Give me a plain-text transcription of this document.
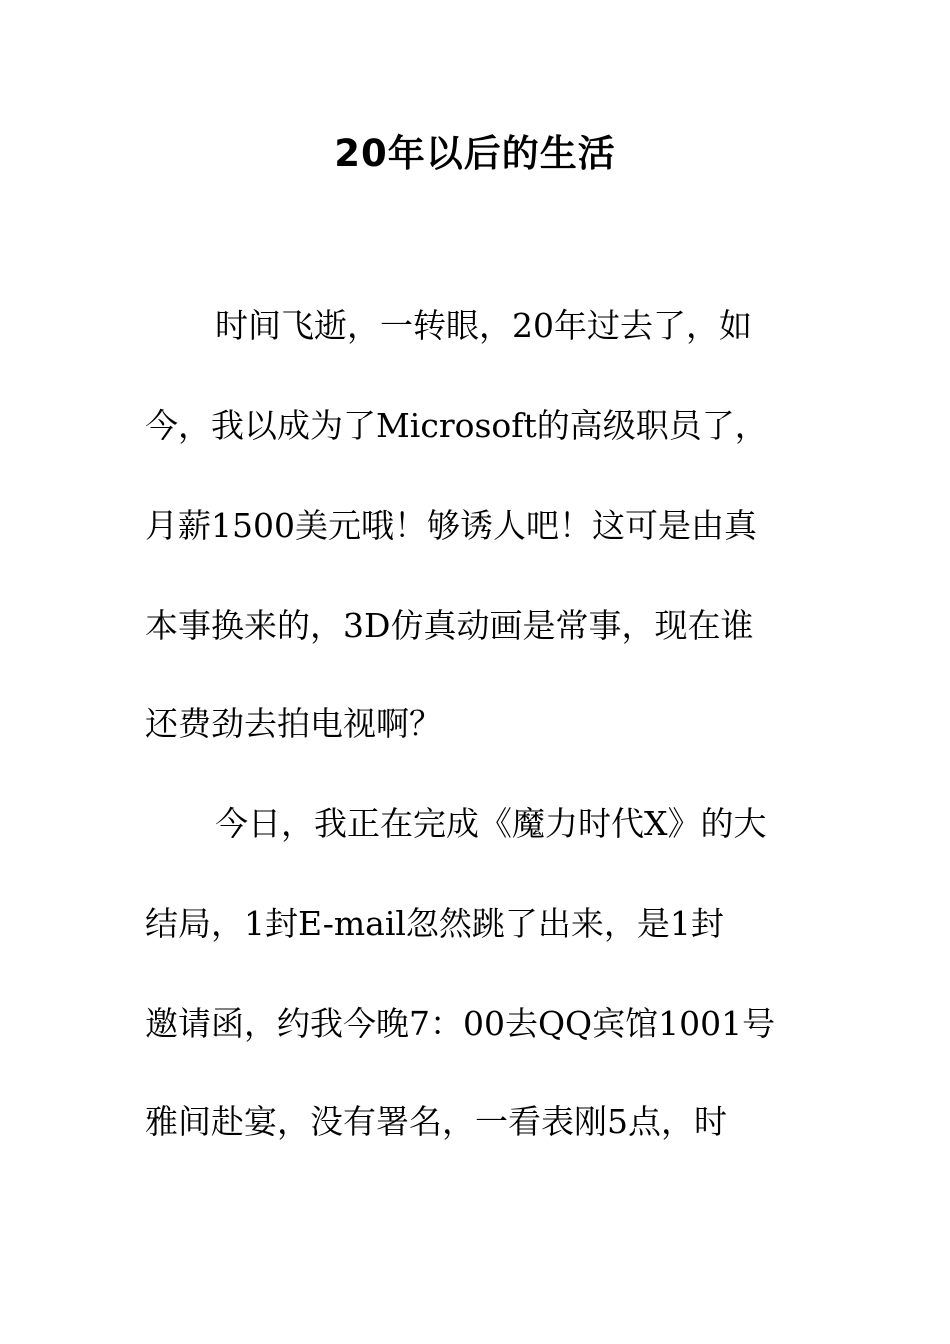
20年以后的生活
时间飞逝，一转眼，20年过去了，如
今，我以成为了Microsoft的高级职员了，
月薪1500美元哦！够诱人吧！这可是由真
本事换来的，3D仿真动画是常事，现在谁
还费劲去拍电视啊？
今日，我正在完成《魔力时代X》的大
结局，1封E-mail忽然跳了出来，是1封
邀请函，约我今晚7：00去QQ宾馆1001号
雅间赴宴，没有署名，一看表刚5点，时
